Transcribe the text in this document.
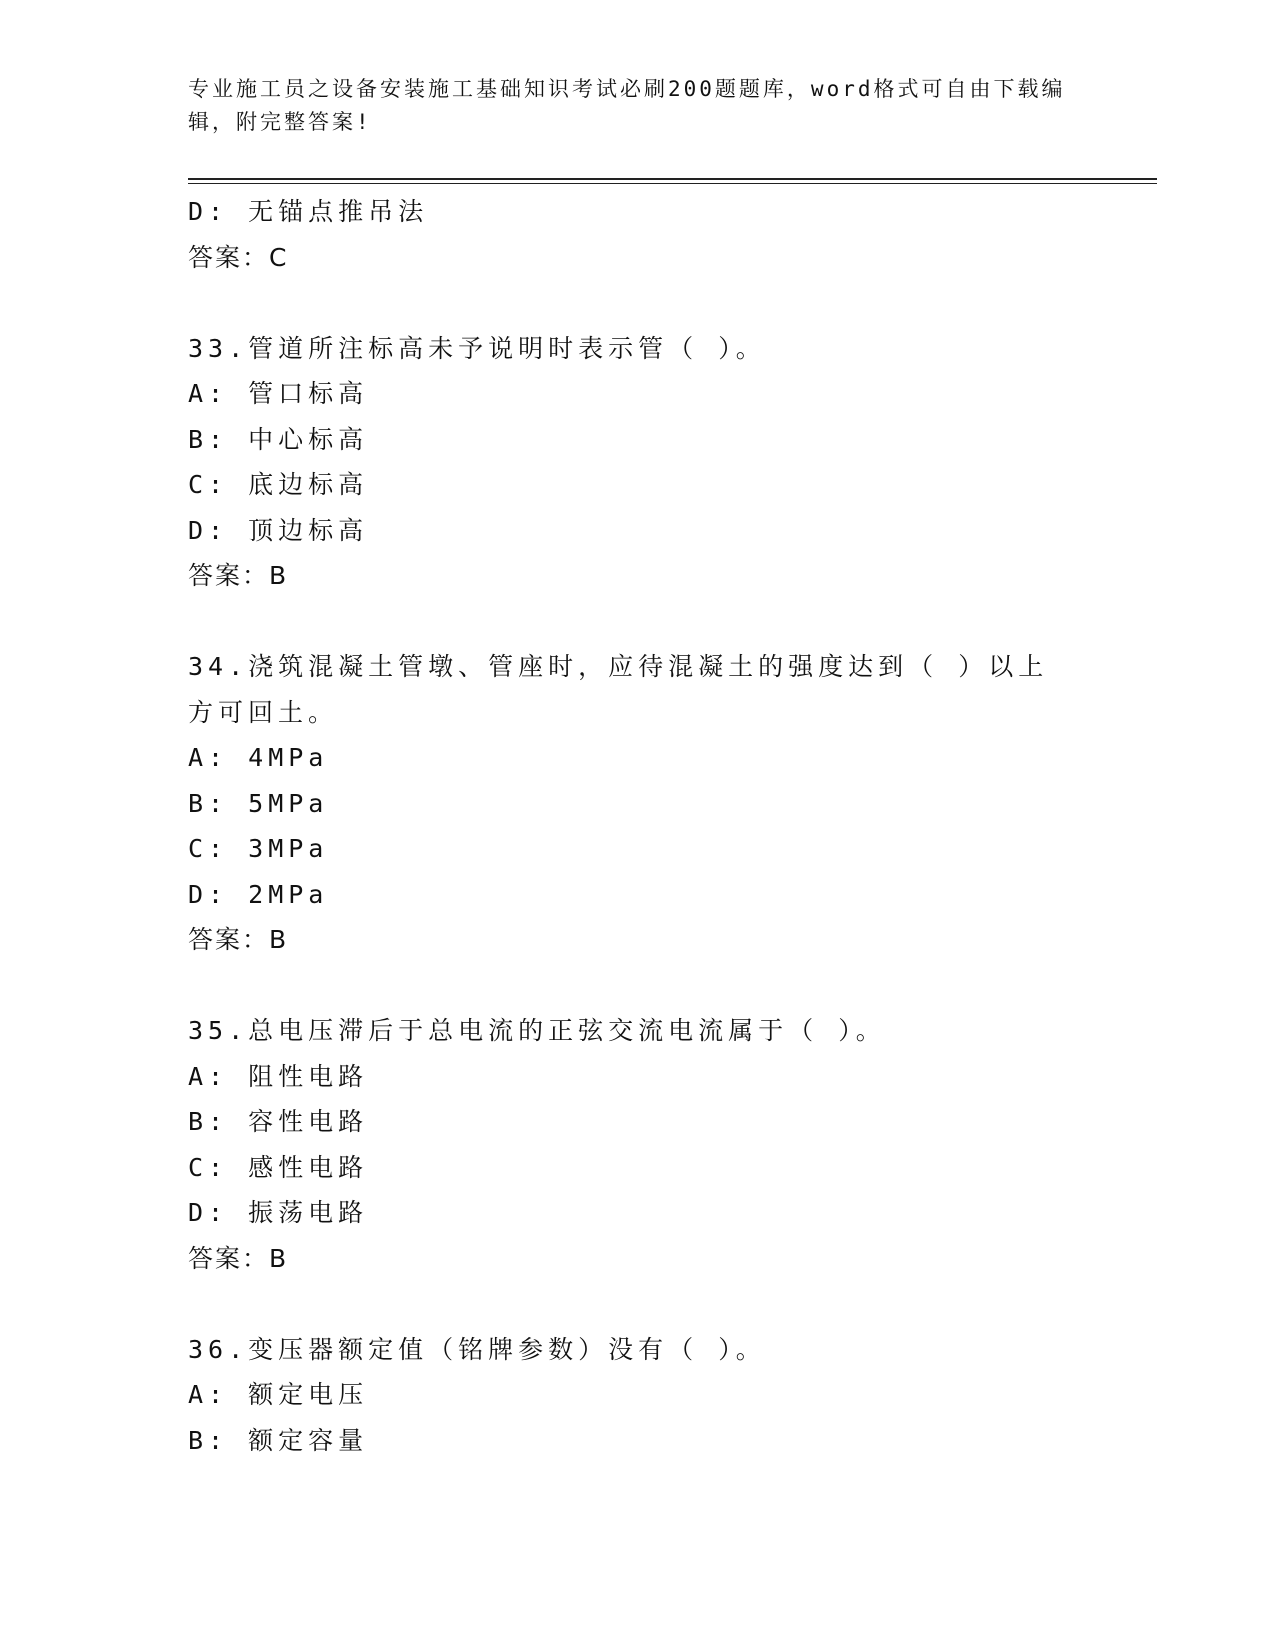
专业施工员之设备安装施工基础知识考试必刷200题题库，word格式可自由下载编辑，附完整答案!
D: 无锚点推吊法
答案：C
33.管道所注标高未予说明时表示管（ ）。
A: 管口标高
B: 中心标高
C: 底边标高
D: 顶边标高
答案：B
34.浇筑混凝土管墩、管座时，应待混凝土的强度达到（ ）以上方可回土。
A: 4MPa
B: 5MPa
C: 3MPa
D: 2MPa
答案：B
35.总电压滞后于总电流的正弦交流电流属于（ ）。
A: 阻性电路
B: 容性电路
C: 感性电路
D: 振荡电路
答案：B
36.变压器额定值（铭牌参数）没有（ ）。
A: 额定电压
B: 额定容量
